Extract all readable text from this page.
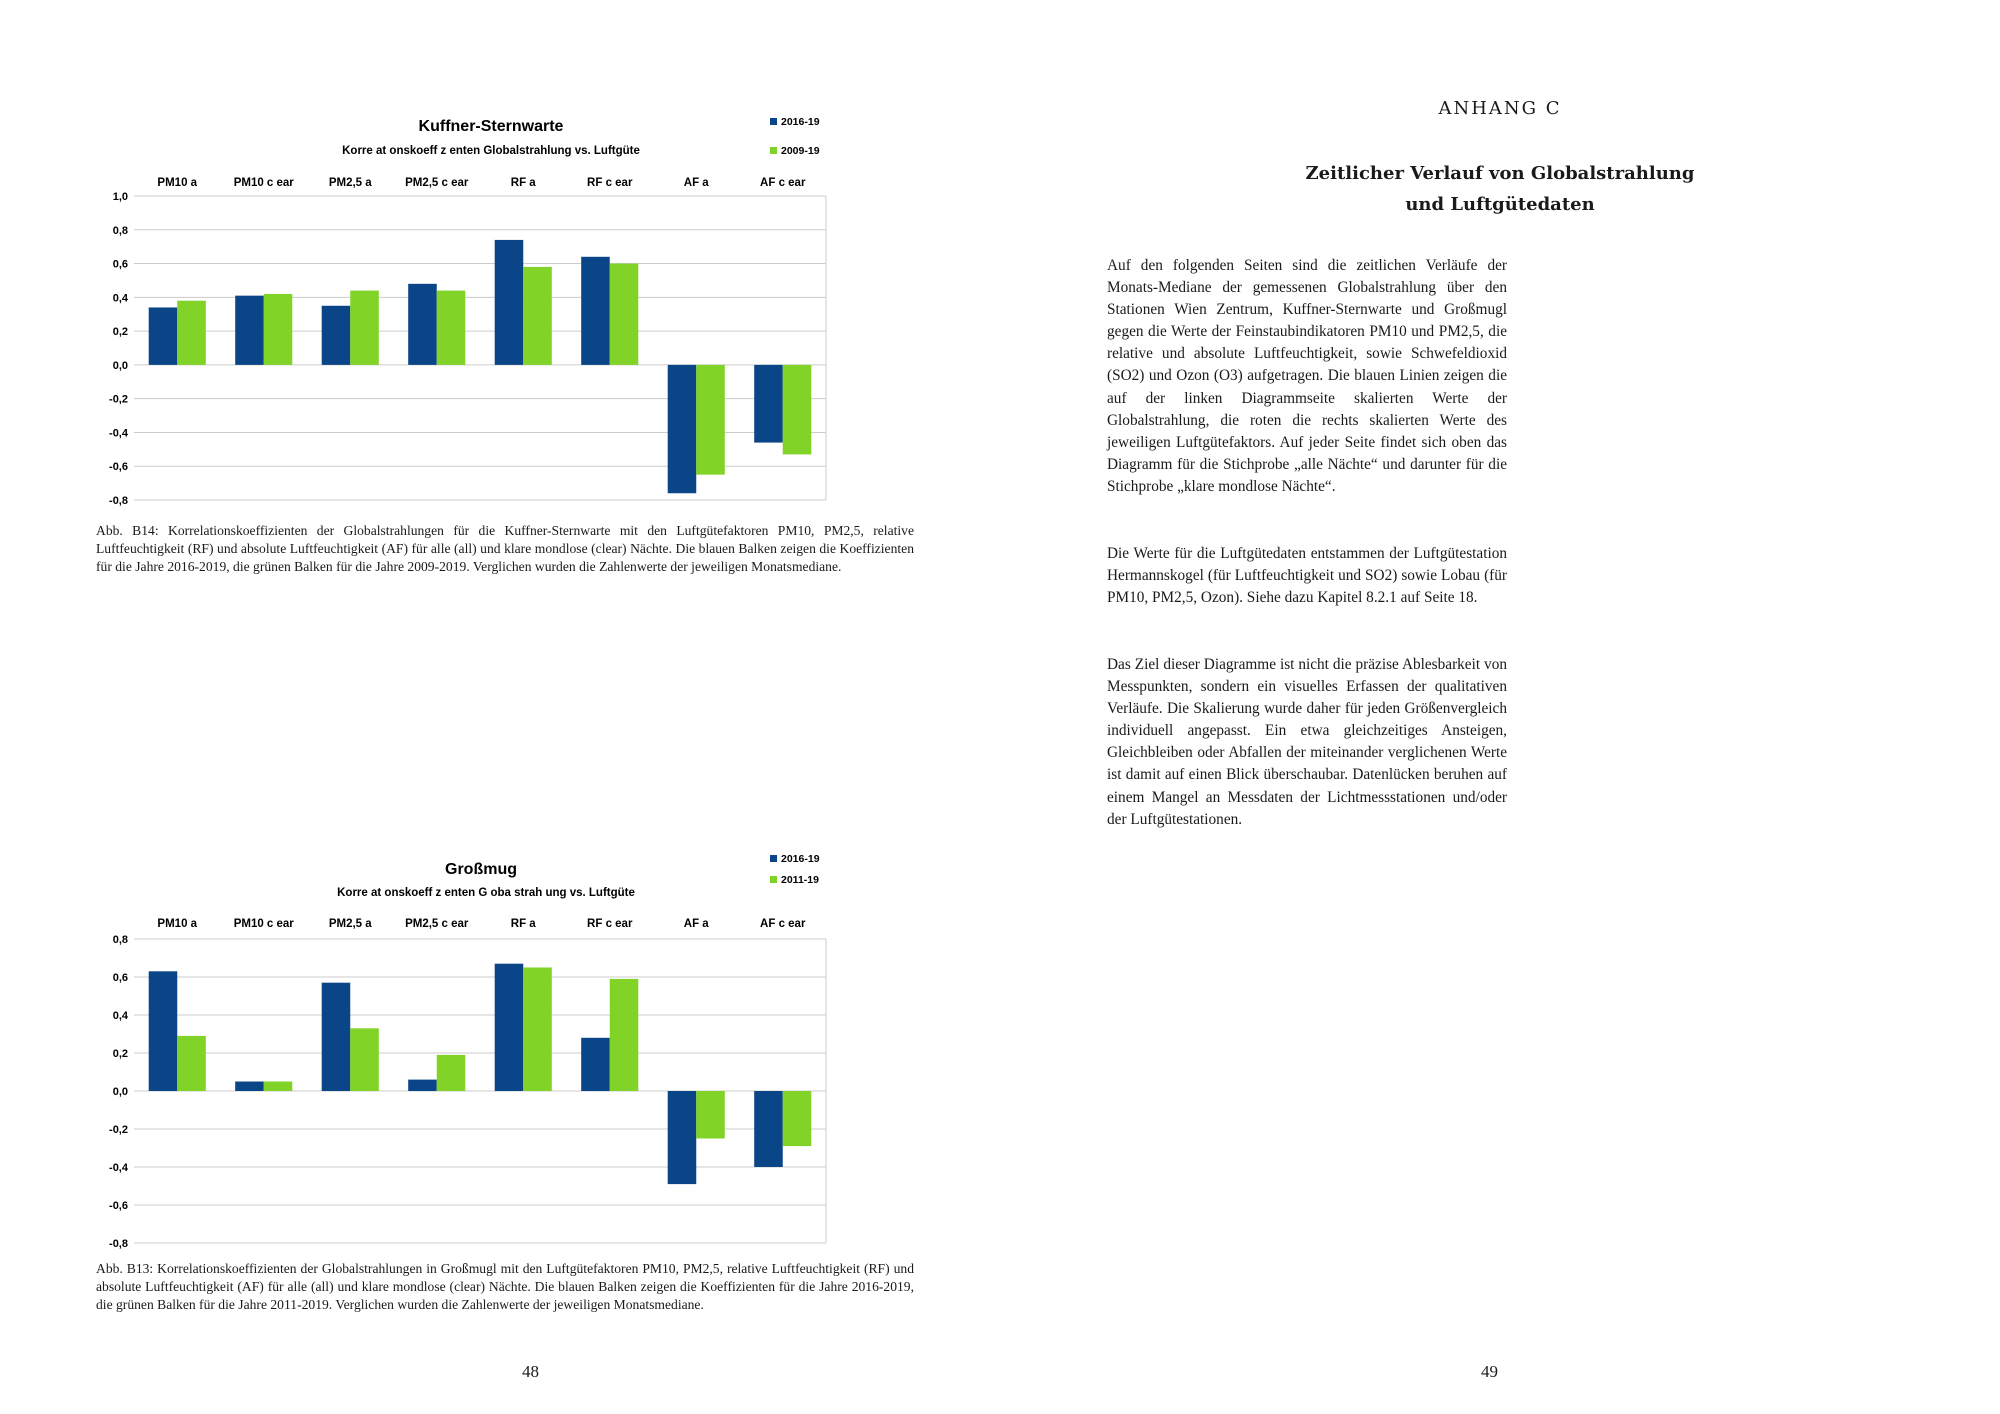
Kuffner-Sternwarte
Korre at onskoeff z enten Globalstrahlung vs. Luftgüte
2016-19
2009-19
1,0
0,8
0,6
0,4
0,2
0,0
-0,2
-0,4
-0,6
-0,8
PM10 a	PM10 c ear	PM2,5 a	PM2,5 c ear	RF a	RF c ear	AF a	AF c ear
Abb. B14: Korrelationskoeffizienten der Globalstrahlungen für die Kuffner-Sternwarte mit den Luftgütefaktoren PM10, PM2,5, relative Luftfeuchtigkeit (RF) und absolute Luftfeuchtigkeit (AF) für alle (all) und klare mondlose (clear) Nächte. Die blauen Balken zeigen die Koeffizienten für die Jahre 2016-2019, die grünen Balken für die Jahre 2009-2019. Verglichen wurden die Zahlenwerte der jeweiligen Monatsmediane.
Großmug
Korre at onskoeff z enten G oba strah ung vs. Luftgüte
2016-19
2011-19
0,8
0,6
0,4
0,2
0,0
-0,2
-0,4
-0,6
-0,8
PM10 a	PM10 c ear	PM2,5 a	PM2,5 c ear	RF a	RF c ear	AF a	AF c ear
Abb. B13: Korrelationskoeffizienten der Globalstrahlungen in Großmugl mit den Luftgütefaktoren PM10, PM2,5, relative Luftfeuchtigkeit (RF) und absolute Luftfeuchtigkeit (AF) für alle (all) und klare mondlose (clear) Nächte. Die blauen Balken zeigen die Koeffizienten für die Jahre 2016-2019, die grünen Balken für die Jahre 2011-2019. Verglichen wurden die Zahlenwerte der jeweiligen Monatsmediane.
48
ANHANG C
Zeitlicher Verlauf von Globalstrahlung
und Luftgütedaten
Auf den folgenden Seiten sind die zeitlichen Verläufe der Monats-Mediane der gemessenen Globalstrahlung über den Stationen Wien Zentrum, Kuffner-Sternwarte und Großmugl gegen die Werte der Feinstaubindikatoren PM10 und PM2,5, die relative und absolute Luftfeuchtigkeit, sowie Schwefeldioxid (SO2) und Ozon (O3) aufgetragen. Die blauen Linien zeigen die auf der linken Diagrammseite skalierten Werte der Globalstrahlung, die roten die rechts skalierten Werte des jeweiligen Luftgütefaktors. Auf jeder Seite findet sich oben das Diagramm für die Stichprobe „alle Nächte“ und darunter für die Stichprobe „klare mondlose Nächte“.
Die Werte für die Luftgütedaten entstammen der Luftgütestation Hermannskogel (für Luftfeuchtigkeit und SO2) sowie Lobau (für PM10, PM2,5, Ozon). Siehe dazu Kapitel 8.2.1 auf Seite 18.
Das Ziel dieser Diagramme ist nicht die präzise Ablesbarkeit von Messpunkten, sondern ein visuelles Erfassen der qualitativen Verläufe. Die Skalierung wurde daher für jeden Größenvergleich individuell angepasst. Ein etwa gleichzeitiges Ansteigen, Gleichbleiben oder Abfallen der miteinander verglichenen Werte ist damit auf einen Blick überschaubar. Datenlücken beruhen auf einem Mangel an Messdaten der Lichtmessstationen und/oder der Luftgütestationen.
49
